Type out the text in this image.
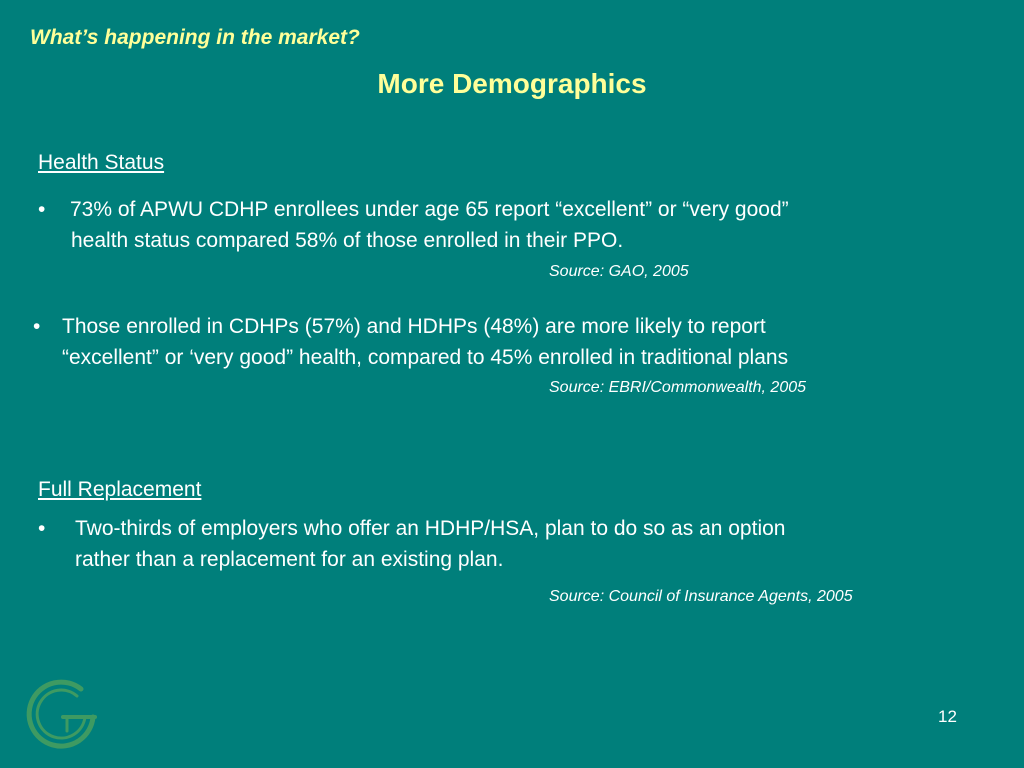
What’s happening in the market?
More Demographics
Health Status
• 73% of APWU CDHP enrollees under age 65 report “excellent” or “very good”
health status compared 58% of those enrolled in their PPO.
Source: GAO, 2005
• Those enrolled in CDHPs (57%) and HDHPs (48%) are more likely to report
“excellent” or ‘very good” health, compared to 45% enrolled in traditional plans
Source: EBRI/Commonwealth, 2005
Full Replacement
• Two-thirds of employers who offer an HDHP/HSA, plan to do so as an option
rather than a replacement for an existing plan.
Source: Council of Insurance Agents, 2005
12
